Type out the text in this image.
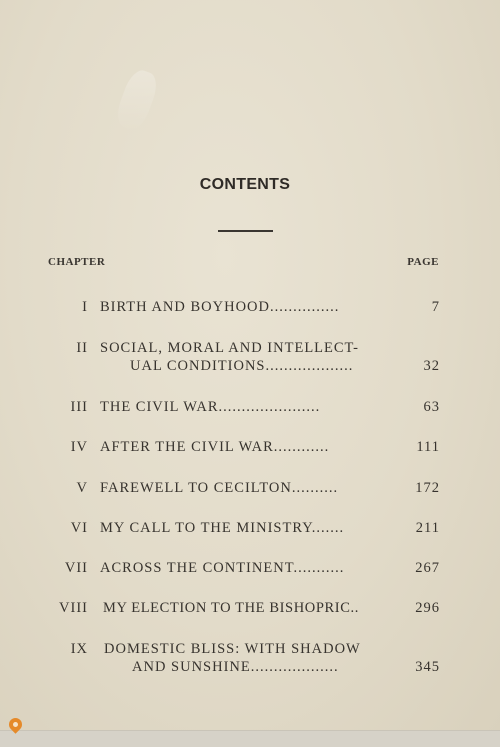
CONTENTS
CHAPTER	PAGE
I BIRTH AND BOYHOOD...............	7
II SOCIAL, MORAL AND INTELLECT-
UAL CONDITIONS...................	32
III THE CIVIL WAR......................	63
IV AFTER THE CIVIL WAR............	111
V FAREWELL TO CECILTON..........	172
VI MY CALL TO THE MINISTRY.......	211
VII ACROSS THE CONTINENT...........	267
VIII MY ELECTION TO THE BISHOPRIC..	296
IX DOMESTIC BLISS: WITH SHADOW
AND SUNSHINE...................	345
